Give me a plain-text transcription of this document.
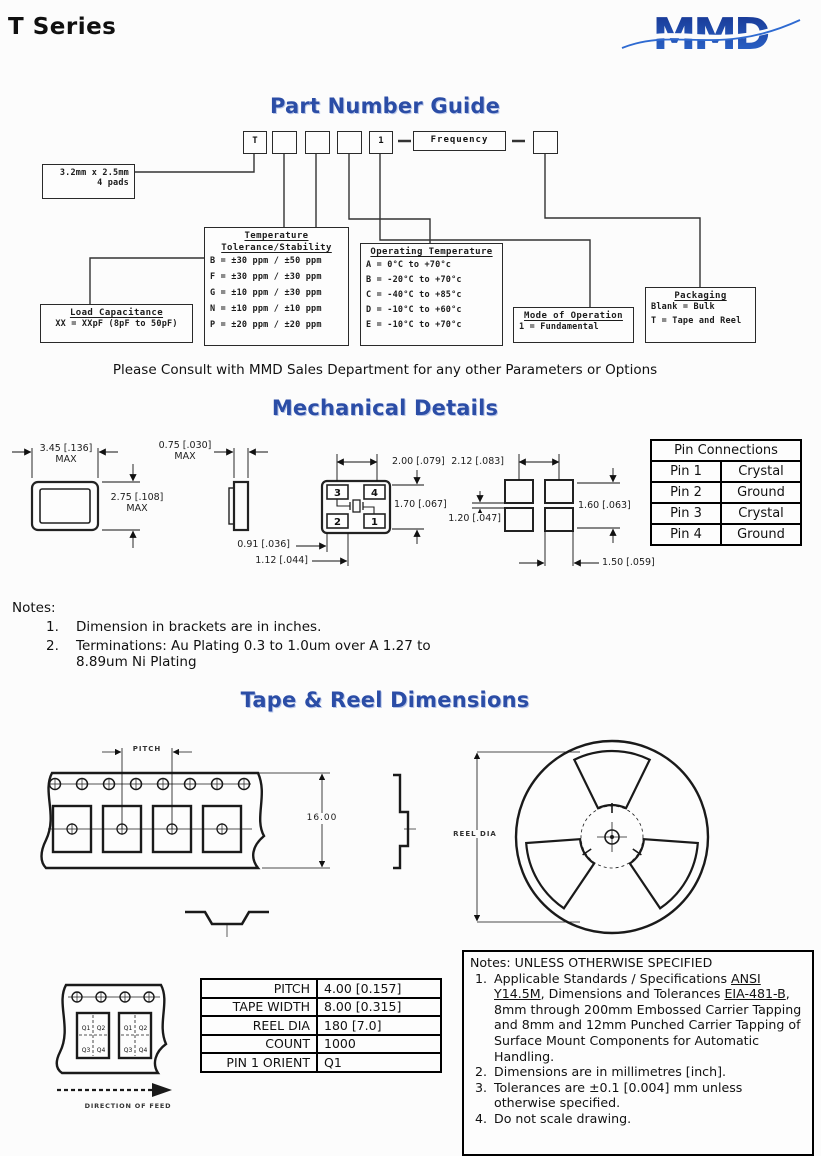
3	4
2	1
Q1 Q2
Q3 Q4
Q1 Q2
Q3 Q4
MMD
T Series
Part Number Guide
T	1	Frequency
3.2mm x 2.5mm
4 pads
Load Capacitance
XX = XXpF (8pF to 50pF)
Temperature
Tolerance/Stability
B = ±30 ppm / ±50 ppm
F = ±30 ppm / ±30 ppm
G = ±10 ppm / ±30 ppm
N = ±10 ppm / ±10 ppm
P = ±20 ppm / ±20 ppm
Operating Temperature
A = 0°C to +70°c
B = -20°C to +70°c
C = -40°C to +85°c
D = -10°C to +60°c
E = -10°C to +70°c
Mode of Operation
1 = Fundamental
Packaging
Blank = Bulk
T = Tape and Reel
Please Consult with MMD Sales Department for any other Parameters or Options
Mechanical Details
3.45 [.136]
MAX
2.75 [.108]
MAX
0.75 [.030]
MAX
0.91 [.036]
1.12 [.044]
2.00 [.079]
1.70 [.067]
2.12 [.083]
1.60 [.063]
1.20 [.047]
1.50 [.059]
Pin Connections	
Pin 1	Crystal
Pin 2	Ground
Pin 3	Crystal
Pin 4	Ground
Notes:
1.	Dimension in brackets are in inches.
2.	Terminations: Au Plating 0.3 to 1.0um over A 1.27 to 8.89um Ni Plating
Tape & Reel Dimensions
PITCH
16.00
REEL DIA
DIRECTION OF FEED
PITCH	4.00 [0.157]
TAPE WIDTH	8.00 [0.315]
REEL DIA	180 [7.0]
COUNT	1000
PIN 1 ORIENT	Q1
Notes: UNLESS OTHERWISE SPECIFIED
1. Applicable Standards / Specifications ANSI Y14.5M, Dimensions and Tolerances EIA-481-B, 8mm through 200mm Embossed Carrier Tapping and 8mm and 12mm Punched Carrier Tapping of Surface Mount Components for Automatic Handling.
2. Dimensions are in millimetres [inch].
3. Tolerances are ±0.1 [0.004] mm unless otherwise specified.
4. Do not scale drawing.
